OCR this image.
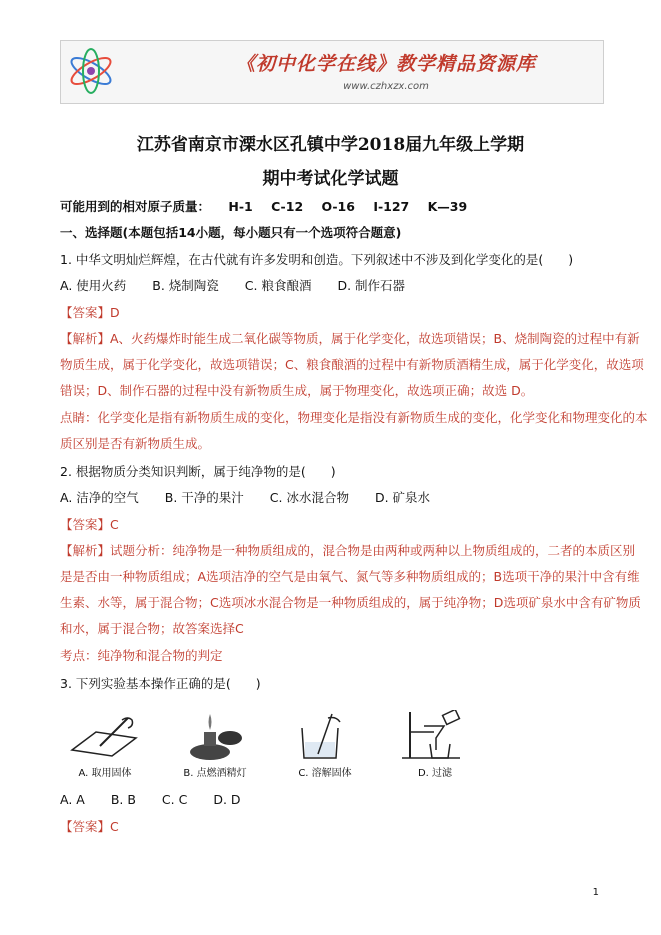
《初中化学在线》教学精品资源库
www.czhxzx.com
江苏省南京市溧水区孔镇中学2018届九年级上学期
期中考试化学试题
可能用到的相对原子质量： H-1 C-12 O-16 I-127 K—39
一、选择题(本题包括14小题，每小题只有一个选项符合题意)
1. 中华文明灿烂辉煌，在古代就有许多发明和创造。下列叙述中不涉及到化学变化的是(　　)
A. 使用火药 B. 烧制陶瓷 C. 粮食酿酒 D. 制作石器
【答案】D
【解析】A、火药爆炸时能生成二氧化碳等物质，属于化学变化，故选项错误；B、烧制陶瓷的过程中有新
物质生成，属于化学变化，故选项错误；C、粮食酿酒的过程中有新物质酒精生成，属于化学变化，故选项
错误；D、制作石器的过程中没有新物质生成，属于物理变化，故选项正确；故选 D。
点睛：化学变化是指有新物质生成的变化，物理变化是指没有新物质生成的变化，化学变化和物理变化的本
质区别是否有新物质生成。
2. 根据物质分类知识判断，属于纯净物的是(　　)
A. 洁净的空气 B. 干净的果汁 C. 冰水混合物 D. 矿泉水
【答案】C
【解析】试题分析：纯净物是一种物质组成的，混合物是由两种或两种以上物质组成的，二者的本质区别
是是否由一种物质组成；A选项洁净的空气是由氧气、氮气等多种物质组成的；B选项干净的果汁中含有维
生素、水等，属于混合物；C选项冰水混合物是一种物质组成的，属于纯净物；D选项矿泉水中含有矿物质
和水，属于混合物；故答案选择C
考点：纯净物和混合物的判定
3. 下列实验基本操作正确的是(　　)
A. 取用固体	B. 点燃酒精灯	C. 溶解固体	D. 过滤
A. A B. B C. C D. D
【答案】C
1
